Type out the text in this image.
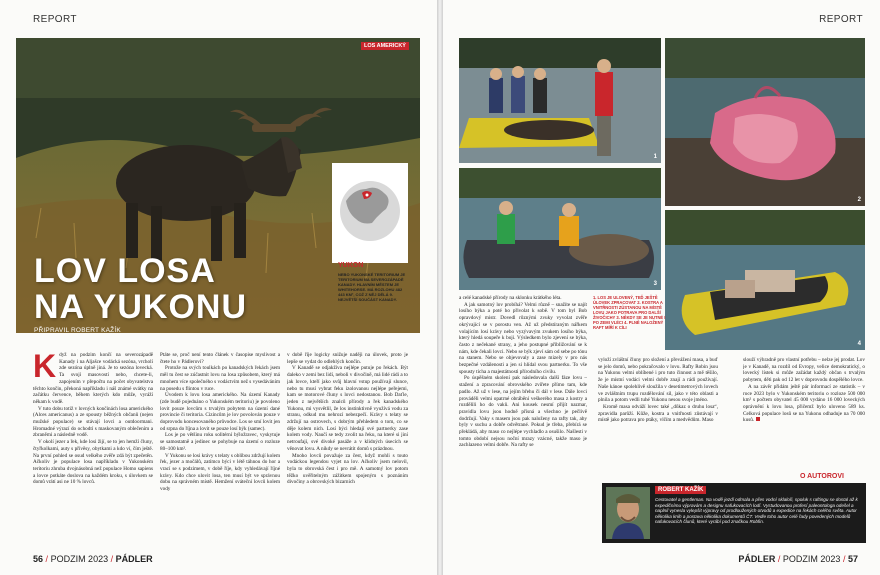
REPORT
LOS AMERICKÝ
LOV LOSA
NA YUKONU
PŘIPRAVIL ROBERT KAŽÍK
YUKON
NEBO YUKONSKÉ TERITORIUM JE TERITORIUM NA SEVEROZÁPADĚ KANADY. HLAVNÍM MĚSTEM JE WHITEHORSE. MÁ ROZLOHU 482 443 KM², COŽ Z NĚJ DĚLÁ 9. NEJVĚTŠÍ SOUČÁST KANADY.

Když na podzim končí na severozápadě Kanady i na Aljašce vodácká sezóna, vrcholí zde sezóna úplně jiná. Je to sezóna lovecká. Ta svojí masovostí nebo, chcete-li, zapojením v přepočtu na počet obyvatelstva těchto končin, překoná napříkladu i náš známé svátky na začátku července, během kterých kdo může, vyráží někam k vodě.

V tuto dobu totiž v lovných končinách losa amerického (Alces americanus) a ze spousty běžných občanů (nejen mužské populace) se stávají lovci a outdoormani. Hromadné výrazí do ochodtí s maskovaným oblečením a zbraněmi a následně vodě.

V okolí jezer a řek, kde losi žijí, se to jen hemží čluny, čtyřkolkami, auty s přívěsy, obytkami a kdo ví, čím ještě. Na první pohled se osud velkého zvěře zdá být zpečetěn. Ačkoliv je populace losa napříkladu v Yukonském teritoriu zhruba dvojnásobná než populace Homo sapiens a lovce potkáte doslova na každém kroku, s úlovkem se domů vrátí asi ne 10 % lovců.

Ptáte se, proč není tento článek v časopise myslivost a čtete ho v Pádlerovi?

Protože na svých toulkách po kanadských řekách jsem měl tu čest se zúčastnit lovu na losa způsobem, který má mnohem více společného s vodáctvím než s vysedáváním na posedu s flintou v ruce.

Úvodem k lovu losa amerického. Na území Kanady (zde budě pojednáno o Yukonském teritoriu) je povoleno lovit pouze lovcům s trvalým pobytem na území dané provincie či teritoria. Cizincům je lov povolován pouze v doprovodu koncesovaného průvodce. Los se smí lovit jen od srpna do října a lovit se pouze losí býk (samec).

Los je po většinu roku solitérní býložravec, vyskytuje se samostatně a jedinec se pohybuje na území o rozloze 80–100 km².

V Yukonu se losi krávy s telaty s oblibou zdržují kolem řek, jezer a močálů, zatímco býci v létě táhnou do hor a vrací se s podzimem, v době říje, kdy vyhledávají říjné krávy. Kdo chce ulovit losa, ten musí být ve správnou dobu na správném místě. Hemžení sváteční lovců kolem vody

v době říje logicky snižuje naději na úlovek, proto je lepše se vydat do odlehlých končin.

V Kanadě se odjakživa nejlépe putuje po řekách. Být daleko v zemi bez lidí, neboli v divočině, má lidé rádi a to jak lovce, kteří jako svůj hlavní vstup používají slunce, nebo tu musí vybrat feku izolovanou nejlépe peřejemi, kam se motorové čluny s lovci nedostanou. Bob Daťle, jeden z největších znalců přírody a řek kanadského Yukonu, mi vysvětlil, že los instinktivně využívá vodu za stranu, odkud mu nehrozí nebezpečí. Krávy s telaty se zdržují na ostrovech, s dobrým přehledem o tom, co se děje kolem nich. Losí býci hledají své partnerky zase kolem vody. Naučí se tedy zvolit na řeku, na které si jiní netroufají, své divoké pasáže a v klidných úsecích se věnovat lovu. A nikdy se nevrátit domů s prázdnou.

Mnoho lovců považuje za čest, když mohli s touto vodáckou legendou vyjet na lov. Ačkoliv jsem nelovil, byla to obrovská čest i pro mě. A samotný lov potom těžko uvěřitelným zážitkem spojeným s poznáním divočiny a obrovských bizarních

56 / PODZIM 2023 / PÁDLER
REPORT
1
2
3
4
1. LOS JE ULOVENÝ, TEĎ JEŠTĚ ÚLOVEK ZPRACOVAT 2. KOSTRA A VNITŘNOSTI ZŮSTANOU NA MÍSTĚ LOVU JAKO POTRAVA PRO DALŠÍ ŽIVOČICHY 3. NĚKDY SE JE NUTNÉ I PO ZEMI VLÉCI 4. PLNĚ NALOŽENÝ RAFT MÍŘÍ K CÍLI

a celé kanadské přírody na sklonku krátkého léta.

A jak samotný lov probíhá? Velmi různě – snažíte se najít losího býka a poté ho přivolat k sobě. V tom byl Bob opravdový mistr. Dovedl různými zvuky vyvolat zvěře okrývající se v porostu ven. Až už předstíraným nářkem volajícím losí krávy nebo vyzývavým zvukem losího býka, který hledá soupeře k boji. Výsledkem bylo zjevení se býka, často z nečekané strany, a jeho postupné přibližování se k nám, kde čekali lovci. Nebo se býk zjeví sám od sebe po tónu na stanem. Nebo se objevovaly a zase mizely v pro nás bezpečné vzdálenosti a jen si hlídal svou partnerku. To vše spousty ticha a majestátnosti přírodního civilu.

Po úspěšném skolení pak následovala další fáze lovu – stažení a zpracování obrovského zvířete přímo tam, kde padlo. Až už v lese, na jejím břehu či dál v lese. Dále lovci prováděli velmi opatrné obrábění veškerého masa z kostry a rozdělili ho do vaků. Ani kousek nesmí přijít nazmar, pravidla lovu jsou hodně přísná a všechno je pečlivě dodržují. Vaky s masem jsou pak naloženy na rafty tak, aby byly v suchu a dobře odvětrané. Pokud je třeba, přebírá se překládá, aby maso co nejlépe vychladlo a osušilo. Našlesti v tomto období nejsou noční mrazy vzácné, takže maso je zachlazeno velmi dobře. Na rafty se

vyloží zvláštní čluny pro složení a převážení masa, a buď se jelo domů, nebo pokračovalo v lovu. Rafty Robin jsou na Yukonu velmi oblíbené i pro tuto činnost a mě těšilo, že je místní vodáci velmi dobře znají a rádi používají. Naše kánoe spolehlivě sloužila v desetimetrových lovech ve zvláštním trupu rozdělování sil, jako v této oblasti a plnila a potom vedli tuhé Yukonu nesou svoje jméno.

Kromě masa odváží lovec také „důkaz o druhu losa“, zpravidla parůží. Kůže, kostra a vnitřnosti zůstávají v místě jako potrava pro ptáky, vlčím a medvědům. Maso

slouží výhradně pro vlastní potřebu – nelze jej prodat. Lov je v Kanadě, na rozdíl od Evropy, velice demokratický, o lovecký lístek si může zažádat každý občan s trvalým pobytem, děti pak od 12 let v doprovodu dospělého lovce.

A na závěr přidám ještě pár informací ze statistik – v roce 2023 bylo v Yukonském teritoriu o rozloze 500 000 km² s počtem obyvatel 45 000 vydáno 16 000 loveckých oprávnění k lovu losa, přičemž bylo uloveno 589 ks. Celková populace losů se na Yukonu odhaduje na 70 000 kusů.

O AUTOROVI
ROBERT KAŽÍK
Cestovatel a gentleman. Na vodě jezdí odmala a přes vodní sklaloři, spoluk s raftingu se dostal až k expedičnímu výpravám a designu nafukovacích lodí. Vystudovanou profesí paleontologa odešel a naplnil vynesla vylepšit výpravy od prodloužených otvodů a expedice na řekách celého světa. Autor několika knih a postava několika dokumentů ČT. Vedle toho autor celé řady povedených modelů nafukovacích člunů, které vyrábí pod značkou Robfin.
PÁDLER / PODZIM 2023 / 57
